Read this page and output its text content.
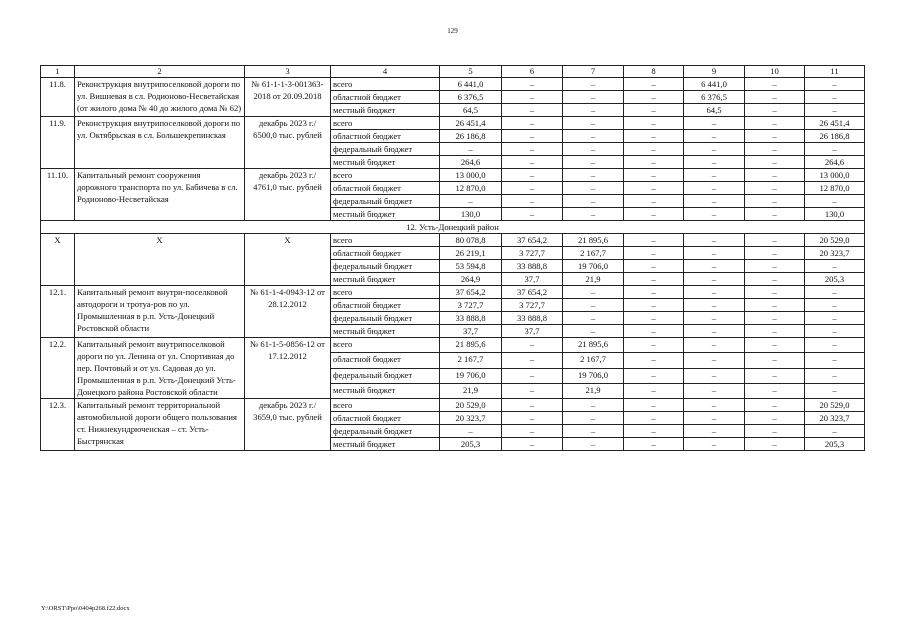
129
1	2	3	4	5	6	7	8	9	10	11
11.8.	Реконструкция внутрипоселковой дороги по ул. Вишневая в сл. Родионово-Несветайская (от жилого дома № 40 до жилого дома № 62)	№ 61-1-1-3-001363-2018 от 20.09.2018	всего	6 441,0	–	–	–	6 441,0	–	–
			областной бюджет	6 376,5	–	–	–	6 376,5	–	–
			местный бюджет	64,5	–	–	–	64,5	–	–
11.9.	Реконструкция внутрипоселковой дороги по ул. Октябрьская в сл. Большекрепинская	декабрь 2023 г./ 6500,0 тыс. рублей	всего	26 451,4	–	–	–	–	–	26 451,4
			областной бюджет	26 186,8	–	–	–	–	–	26 186,8
			федеральный бюджет	–	–	–	–	–	–	–
			местный бюджет	264,6	–	–	–	–	–	264,6
11.10.	Капитальный ремонт сооружения дорожного транспорта по ул. Бабичева в сл. Родионово-Несветайская	декабрь 2023 г./ 4761,0 тыс. рублей	всего	13 000,0	–	–	–	–	–	13 000,0
			областной бюджет	12 870,0	–	–	–	–	–	12 870,0
			федеральный бюджет	–	–	–	–	–	–	–
			местный бюджет	130,0	–	–	–	–	–	130,0
12. Усть-Донецкий район										
X	X	X	всего	80 078,8	37 654,2	21 895,6	–	–	–	20 529,0
			областной бюджет	26 219,1	3 727,7	2 167,7	–	–	–	20 323,7
			федеральный бюджет	53 594,8	33 888,8	19 706,0	–	–	–	–
			местный бюджет	264,9	37,7	21,9	–	–	–	205,3
12.1.	Капитальный ремонт внутри-поселковой автодороги и тротуа-ров по ул. Промышленная в р.п. Усть-Донецкий Ростовской области	№ 61-1-4-0943-12 от 28.12.2012	всего	37 654,2	37 654,2	–	–	–	–	–
			областной бюджет	3 727,7	3 727,7	–	–	–	–	–
			федеральный бюджет	33 888,8	33 888,8	–	–	–	–	–
			местный бюджет	37,7	37,7	–	–	–	–	–
12.2.	Капитальный ремонт внутрипоселковой дороги по ул. Ленина от ул. Спортивная до пер. Почтовый и от ул. Садовая до ул. Промышленная в р.п. Усть-Донецкий Усть-Донецкого района Ростовской области	№ 61-1-5-0856-12 от 17.12.2012	всего	21 895,6	–	21 895,6	–	–	–	–
			областной бюджет	2 167,7	–	2 167,7	–	–	–	–
			федеральный бюджет	19 706,0	–	19 706,0	–	–	–	–
			местный бюджет	21,9	–	21,9	–	–	–	–
12.3.	Капитальный ремонт территориальной автомобильной дороги общего пользования ст. Нижнекундрюченская – ст. Усть-Быстрянская	декабрь 2023 г./ 3659,0 тыс. рублей	всего	20 529,0	–	–	–	–	–	20 529,0
			областной бюджет	20 323,7	–	–	–	–	–	20 323,7
			федеральный бюджет	–	–	–	–	–	–	–
			местный бюджет	205,3	–	–	–	–	–	205,3
Y:\ORST\Ppo\0404p268.f22.docx
